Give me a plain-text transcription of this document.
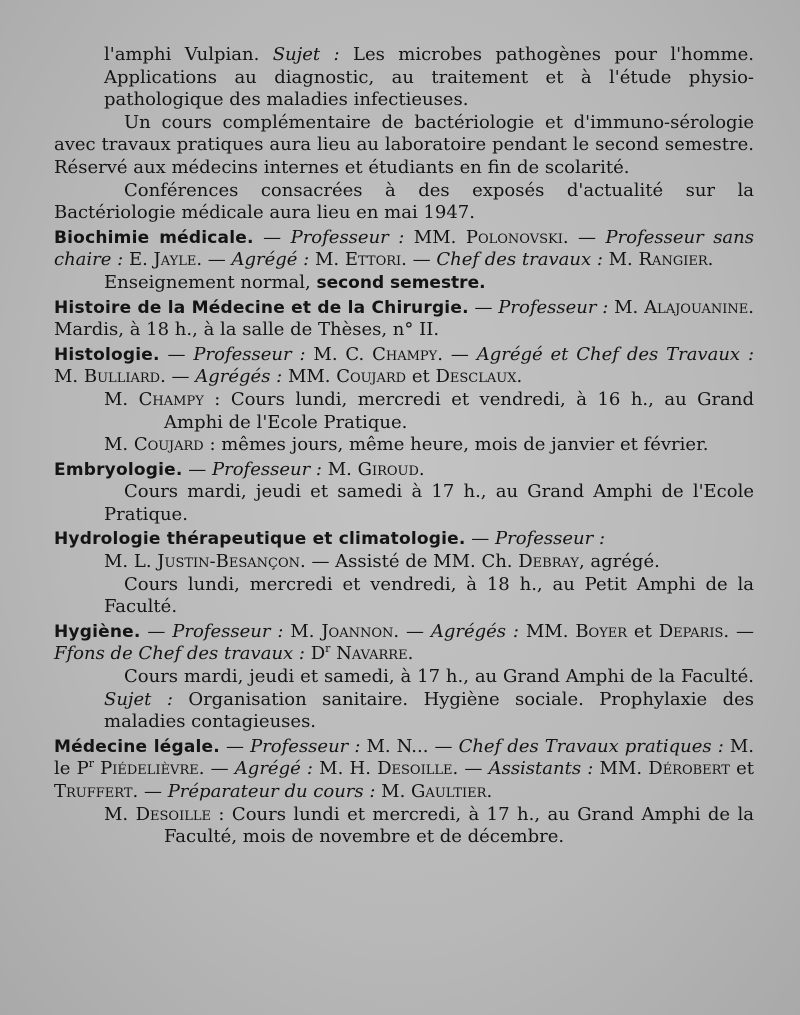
l'amphi Vulpian. Sujet : Les microbes pathogènes pour l'homme. Applications au diagnostic, au traitement et à l'étude physio-pathologique des maladies infectieuses.

Un cours complémentaire de bactériologie et d'immuno-sérologie avec travaux pratiques aura lieu au laboratoire pendant le second semestre. Réservé aux médecins internes et étudiants en fin de scolarité.

Conférences consacrées à des exposés d'actualité sur la Bactériologie médicale aura lieu en mai 1947.

Biochimie médicale. — Professeur : MM. Polonovski. — Professeur sans chaire : E. Jayle. — Agrégé : M. Ettori. — Chef des travaux : M. Rangier.

Enseignement normal, second semestre.

Histoire de la Médecine et de la Chirurgie. — Professeur : M. Alajouanine. Mardis, à 18 h., à la salle de Thèses, n° II.

Histologie. — Professeur : M. C. Champy. — Agrégé et Chef des Travaux : M. Bulliard. — Agrégés : MM. Coujard et Desclaux.

M. Champy : Cours lundi, mercredi et vendredi, à 16 h., au Grand Amphi de l'Ecole Pratique.

M. Coujard : mêmes jours, même heure, mois de janvier et février.

Embryologie. — Professeur : M. Giroud.

Cours mardi, jeudi et samedi à 17 h., au Grand Amphi de l'Ecole Pratique.

Hydrologie thérapeutique et climatologie. — Professeur :

M. L. Justin-Besançon. — Assisté de MM. Ch. Debray, agrégé.

Cours lundi, mercredi et vendredi, à 18 h., au Petit Amphi de la Faculté.

Hygiène. — Professeur : M. Joannon. — Agrégés : MM. Boyer et Deparis. — Ffons de Chef des travaux : $D^r$ Navarre.

Cours mardi, jeudi et samedi, à 17 h., au Grand Amphi de la Faculté. Sujet : Organisation sanitaire. Hygiène sociale. Prophylaxie des maladies contagieuses.

Médecine légale. — Professeur : M. N... — Chef des Travaux pratiques : M. le $P^r$ Piédelièvre. — Agrégé : M. H. Desoille. — Assistants : MM. Dérobert et Truffert. — Préparateur du cours : M. Gaultier.

M. Desoille : Cours lundi et mercredi, à 17 h., au Grand Amphi de la Faculté, mois de novembre et de décembre.
